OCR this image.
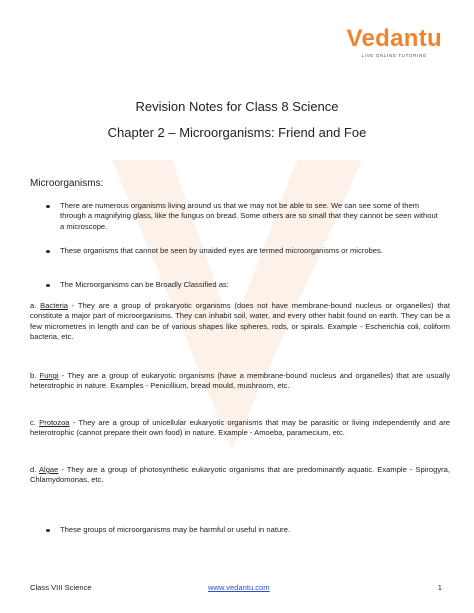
Vedantu
LIVE ONLINE TUTORING
Revision Notes for Class 8 Science
Chapter 2 – Microorganisms: Friend and Foe
Microorganisms:
There are numerous organisms living around us that we may not be able to see. We can see some of them through a magnifying glass, like the fungus on bread. Some others are so small that they cannot be seen without a microscope.
These organisms that cannot be seen by unaided eyes are termed microorganisms or microbes.
The Microorganisms can be Broadly Classified as:
a. Bacteria - They are a group of prokaryotic organisms (does not have membrane-bound nucleus or organelles) that constitute a major part of microorganisms. They can inhabit soil, water, and every other habit found on earth. They can be a few micrometres in length and can be of various shapes like spheres, rods, or spirals. Example - Escherichia coli, coliform bacteria, etc.
b. Fungi - They are a group of eukaryotic organisms (have a membrane-bound nucleus and organelles) that are usually heterotrophic in nature. Examples - Penicillium, bread mould, mushroom, etc.
c. Protozoa - They are a group of unicellular eukaryotic organisms that may be parasitic or living independently and are heterotrophic (cannot prepare their own food) in nature. Example - Amoeba, paramecium, etc.
d. Algae - They are a group of photosynthetic eukaryotic organisms that are predominantly aquatic. Example - Spirogyra, Chlamydomonas, etc.
These groups of microorganisms may be harmful or useful in nature.
Class VIII Science	www.vedantu.com	1
